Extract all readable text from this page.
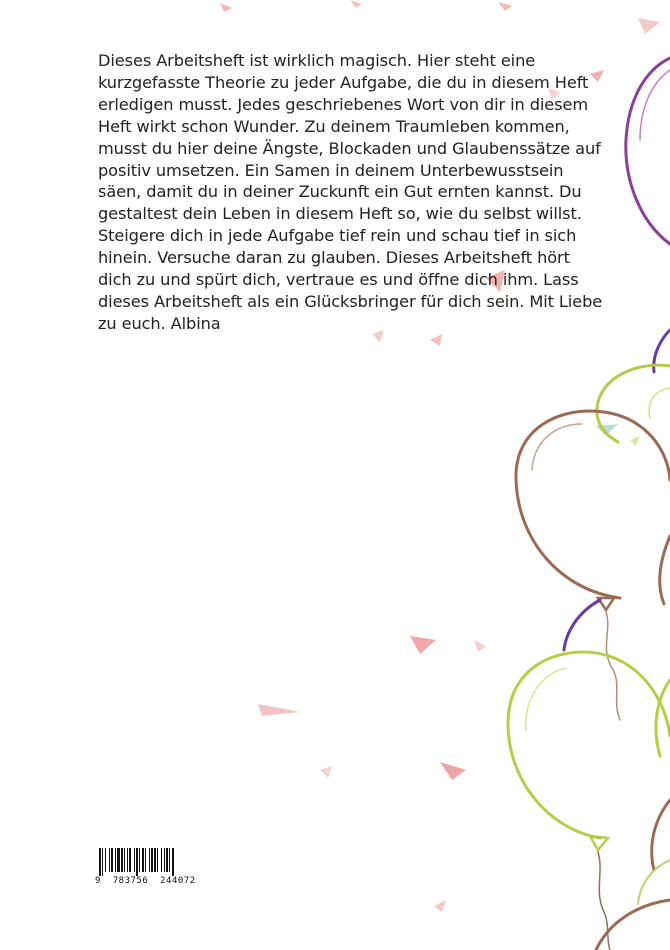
Dieses Arbeitsheft ist wirklich magisch. Hier steht eine kurzgefasste Theorie zu jeder Aufgabe, die du in diesem Heft erledigen musst. Jedes geschriebenes Wort von dir in diesem Heft wirkt schon Wunder. Zu deinem Traumleben kommen, musst du hier deine Ängste, Blockaden und Glaubenssätze auf positiv umsetzen. Ein Samen in deinem Unterbewusstsein säen, damit du in deiner Zuckunft ein Gut ernten kannst. Du gestaltest dein Leben in diesem Heft so, wie du selbst willst. Steigere dich in jede Aufgabe tief rein und schau tief in sich hinein. Versuche daran zu glauben. Dieses Arbeitsheft hört dich zu und spürt dich, vertraue es und öffne dich ihm. Lass dieses Arbeitsheft als ein Glücksbringer für dich sein. Mit Liebe zu euch. Albina

9  783756  244072
